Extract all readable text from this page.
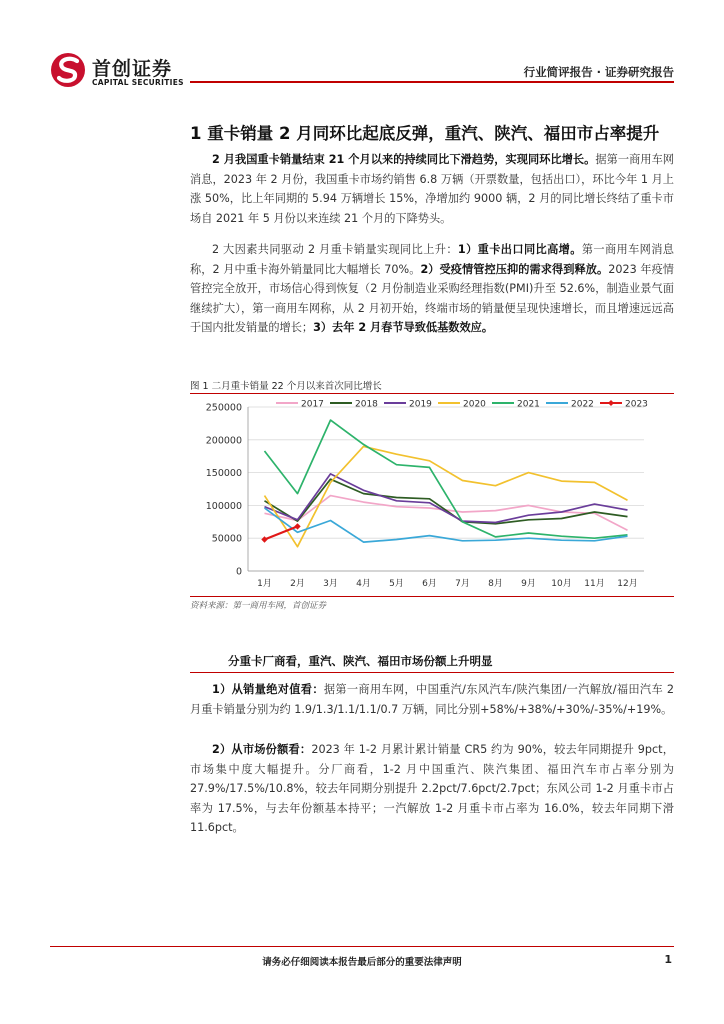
首创证券
CAPITAL SECURITIES
行业简评报告 · 证券研究报告
1 重卡销量 2 月同环比起底反弹，重汽、陕汽、福田市占率提升
2 月我国重卡销量结束 21 个月以来的持续同比下滑趋势，实现同环比增长。据第一商用车网消息，2023 年 2 月份，我国重卡市场约销售 6.8 万辆（开票数量，包括出口），环比今年 1 月上涨 50%，比上年同期的 5.94 万辆增长 15%，净增加约 9000 辆，2 月的同比增长终结了重卡市场自 2021 年 5 月份以来连续 21 个月的下降势头。
2 大因素共同驱动 2 月重卡销量实现同比上升：1）重卡出口同比高增。第一商用车网消息称，2 月中重卡海外销量同比大幅增长 70%。2）受疫情管控压抑的需求得到释放。2023 年疫情管控完全放开，市场信心得到恢复（2 月份制造业采购经理指数(PMI)升至 52.6%，制造业景气面继续扩大），第一商用车网称，从 2 月初开始，终端市场的销量便呈现快速增长，而且增速远远高于国内批发销量的增长；3）去年 2 月春节导致低基数效应。
图 1 二月重卡销量 22 个月以来首次同比增长
0
50000
100000
150000
200000
250000
1月 2月 3月 4月 5月 6月 7月 8月 9月 10月 11月 12月
2017	2018	2019	2020	2021	2022	2023
资料来源：第一商用车网，首创证券
分重卡厂商看，重汽、陕汽、福田市场份额上升明显
1）从销量绝对值看：据第一商用车网，中国重汽/东风汽车/陕汽集团/一汽解放/福田汽车 2 月重卡销量分别为约 1.9/1.3/1.1/1.1/0.7 万辆，同比分别+58%/+38%/+30%/-35%/+19%。
2）从市场份额看：2023 年 1-2 月累计累计销量 CR5 约为 90%，较去年同期提升 9pct，市场集中度大幅提升。分厂商看，1-2 月中国重汽、陕汽集团、福田汽车市占率分别为 27.9%/17.5%/10.8%，较去年同期分别提升 2.2pct/7.6pct/2.7pct；东风公司 1-2 月重卡市占率为 17.5%，与去年份额基本持平；一汽解放 1-2 月重卡市占率为 16.0%，较去年同期下滑 11.6pct。
请务必仔细阅读本报告最后部分的重要法律声明	1
